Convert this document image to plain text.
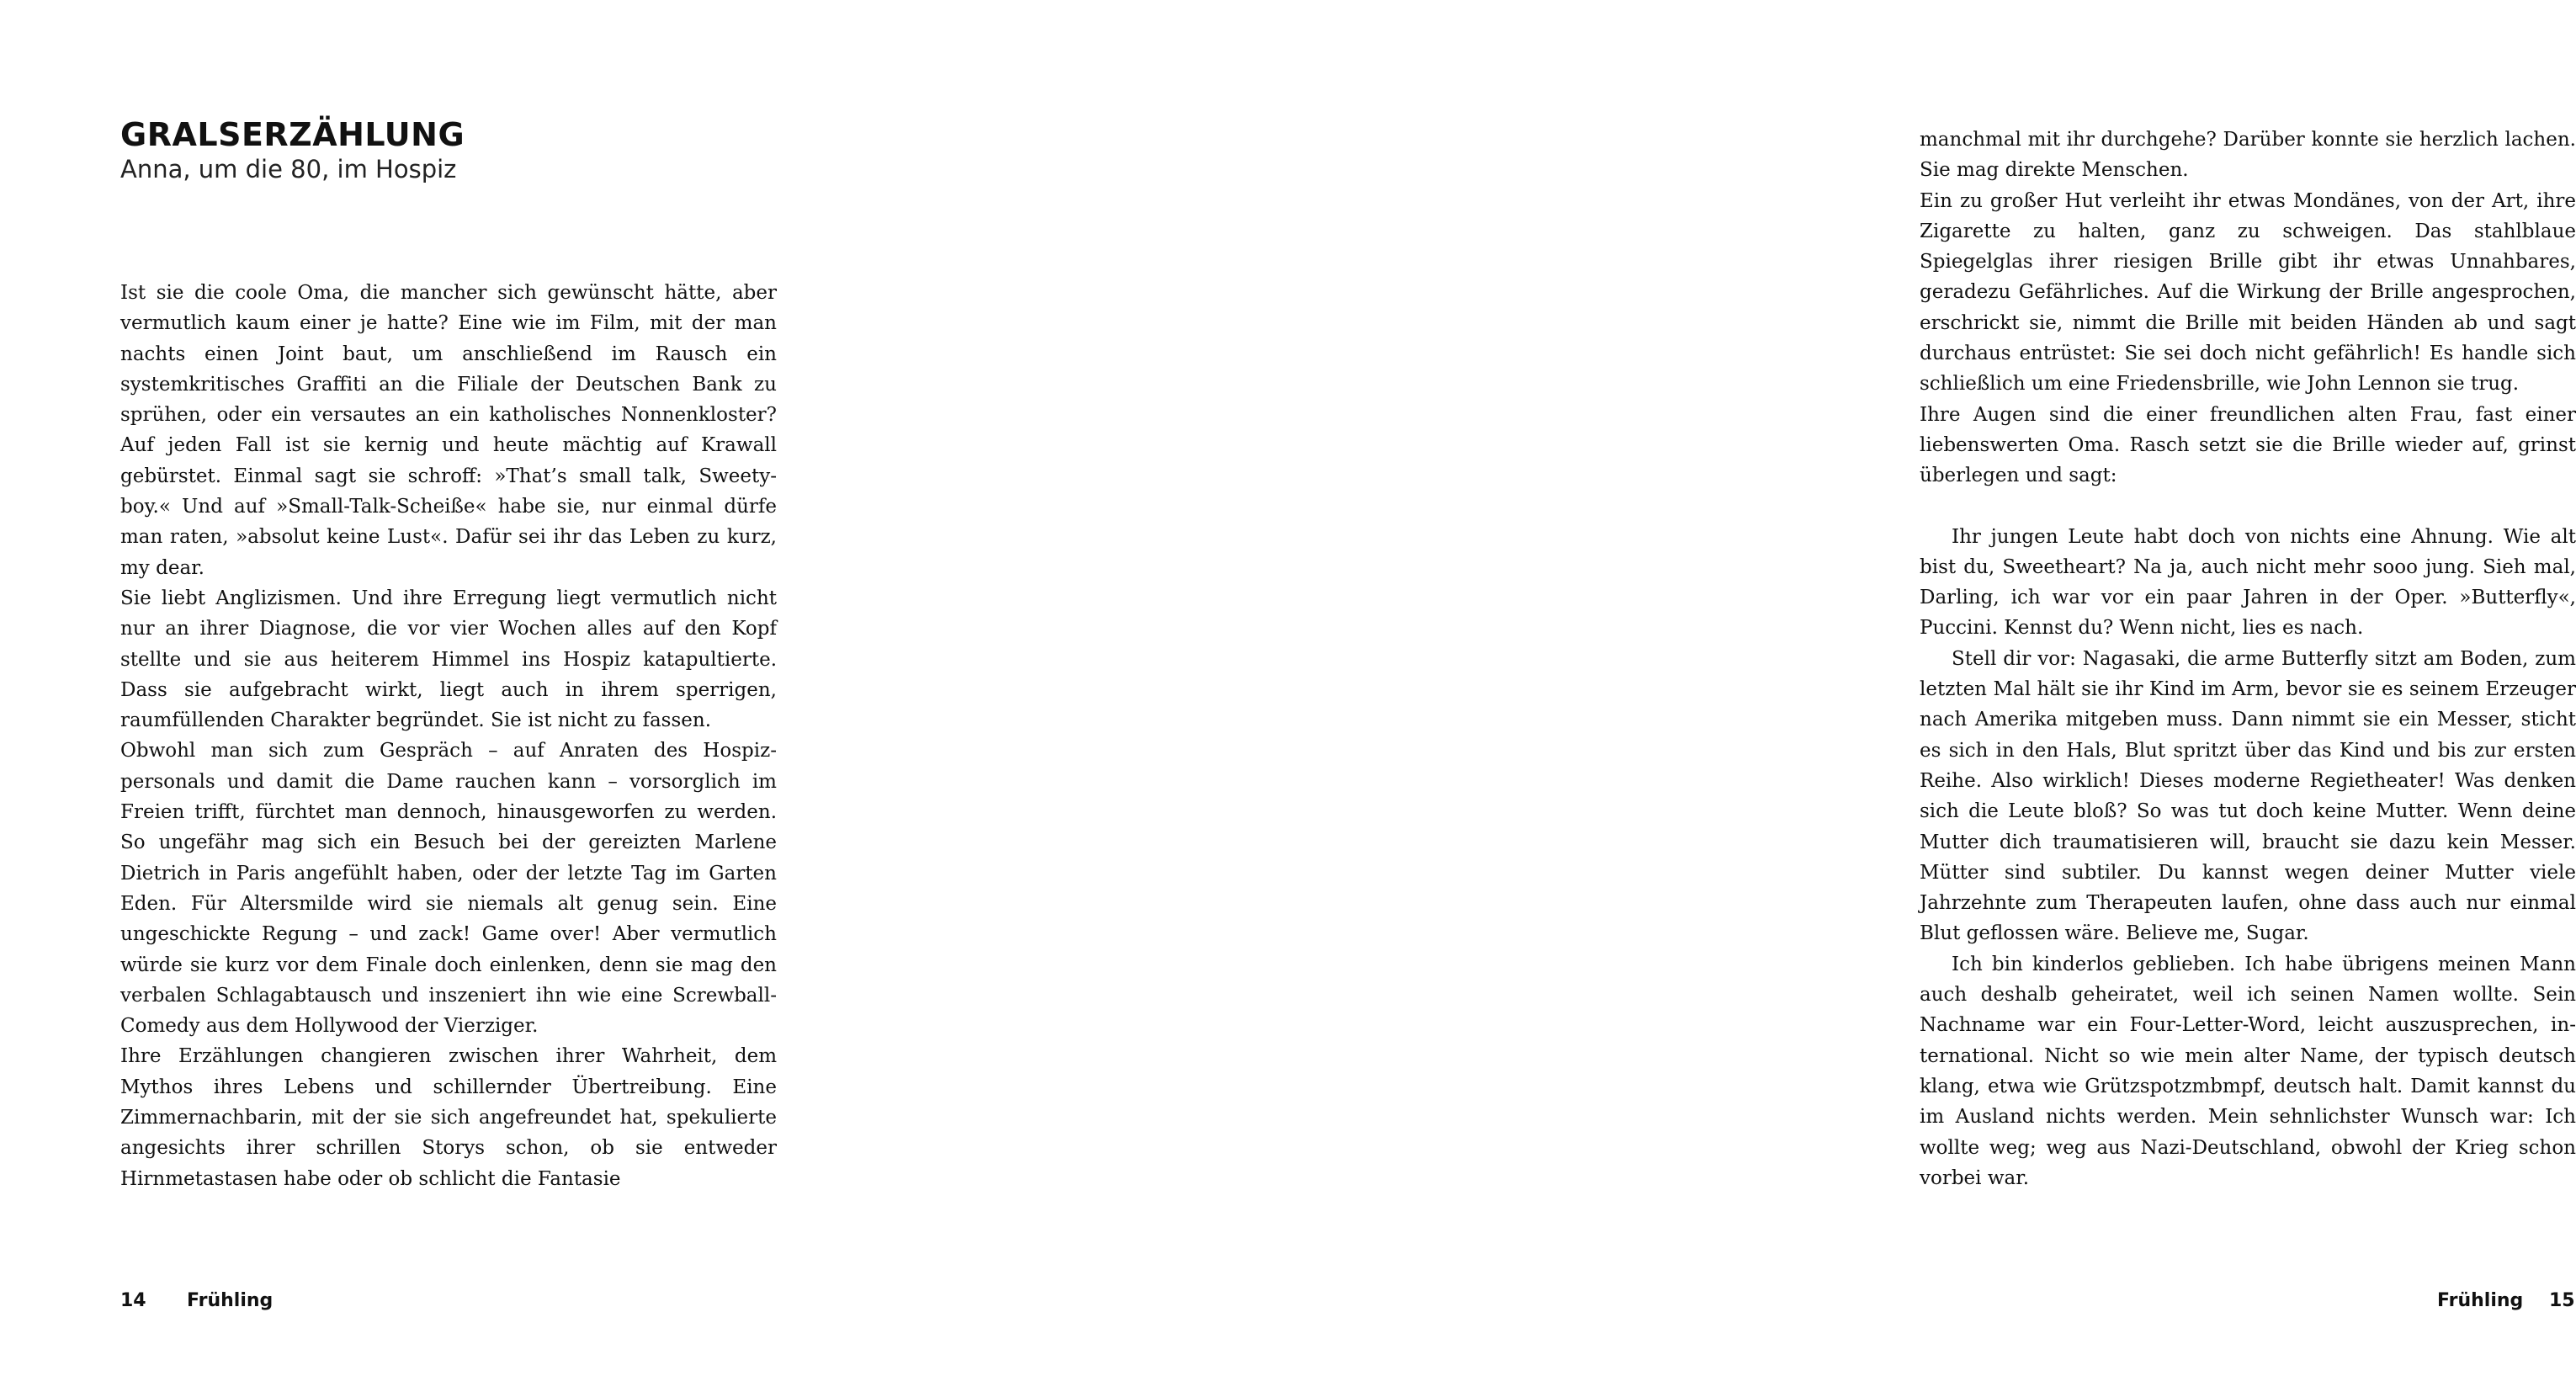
GRALSERZÄHLUNG
Anna, um die 80, im Hospiz

Ist sie die coole Oma, die mancher sich gewünscht hätte, aber vermutlich kaum einer je hatte? Eine wie im Film, mit der man nachts einen Joint baut, um anschließend im Rausch ein systemkritisches Graffiti an die Filiale der Deutschen Bank zu sprühen, oder ein versautes an ein katholisches Nonnenkloster? Auf jeden Fall ist sie kernig und heute mächtig auf Krawall gebürstet. Einmal sagt sie schroff: »That’s small talk, Sweety-boy.« Und auf »Small-Talk-Scheiße« habe sie, nur einmal dürfe man raten, »absolut keine Lust«. Dafür sei ihr das Leben zu kurz, my dear.

Sie liebt Anglizismen. Und ihre Erregung liegt vermutlich nicht nur an ihrer Diagnose, die vor vier Wochen alles auf den Kopf stellte und sie aus heiterem Himmel ins Hospiz katapultierte. Dass sie aufgebracht wirkt, liegt auch in ihrem sperrigen, raumfüllenden Charakter begründet. Sie ist nicht zu fassen.

Obwohl man sich zum Gespräch – auf Anraten des Hospizpersonals und damit die Dame rauchen kann – vorsorglich im Freien trifft, fürchtet man dennoch, hinausgeworfen zu werden. So ungefähr mag sich ein Besuch bei der gereizten Marlene Dietrich in Paris angefühlt haben, oder der letzte Tag im Garten Eden. Für Altersmilde wird sie niemals alt genug sein. Eine ungeschickte Regung – und zack! Game over! Aber vermutlich würde sie kurz vor dem Finale doch einlenken, denn sie mag den verbalen Schlagabtausch und inszeniert ihn wie eine Screwball-Comedy aus dem Hollywood der Vierziger.

Ihre Erzählungen changieren zwischen ihrer Wahrheit, dem Mythos ihres Lebens und schillernder Übertreibung. Eine Zimmernachbarin, mit der sie sich angefreundet hat, spekulierte angesichts ihrer schrillen Storys schon, ob sie entweder Hirnmetastasen habe oder ob schlicht die Fantasie

14 Frühling

manchmal mit ihr durchgehe? Darüber konnte sie herzlich lachen. Sie mag direkte Menschen.

Ein zu großer Hut verleiht ihr etwas Mondänes, von der Art, ihre Zigarette zu halten, ganz zu schweigen. Das stahlblaue Spiegelglas ihrer riesigen Brille gibt ihr etwas Unnahbares, geradezu Gefährliches. Auf die Wirkung der Brille angesprochen, erschrickt sie, nimmt die Brille mit beiden Händen ab und sagt durchaus entrüstet: Sie sei doch nicht gefährlich! Es handle sich schließlich um eine Friedensbrille, wie John Lennon sie trug.

Ihre Augen sind die einer freundlichen alten Frau, fast einer liebenswerten Oma. Rasch setzt sie die Brille wieder auf, grinst überlegen und sagt:

Ihr jungen Leute habt doch von nichts eine Ahnung. Wie alt bist du, Sweetheart? Na ja, auch nicht mehr sooo jung. Sieh mal, Darling, ich war vor ein paar Jahren in der Oper. »Butterfly«, Puccini. Kennst du? Wenn nicht, lies es nach.

Stell dir vor: Nagasaki, die arme Butterfly sitzt am Boden, zum letzten Mal hält sie ihr Kind im Arm, bevor sie es seinem Erzeuger nach Amerika mitgeben muss. Dann nimmt sie ein Messer, sticht es sich in den Hals, Blut spritzt über das Kind und bis zur ersten Reihe. Also wirklich! Dieses moderne Regietheater! Was denken sich die Leute bloß? So was tut doch keine Mutter. Wenn deine Mutter dich traumatisieren will, braucht sie dazu kein Messer. Mütter sind subtiler. Du kannst wegen deiner Mutter viele Jahrzehnte zum Therapeuten laufen, ohne dass auch nur einmal Blut geflossen wäre. Believe me, Sugar.

Ich bin kinderlos geblieben. Ich habe übrigens meinen Mann auch deshalb geheiratet, weil ich seinen Namen wollte. Sein Nachname war ein Four-Letter-Word, leicht auszusprechen, international. Nicht so wie mein alter Name, der typisch deutsch klang, etwa wie Grützspotzmbmpf, deutsch halt. Damit kannst du im Ausland nichts werden. Mein sehnlichster Wunsch war: Ich wollte weg; weg aus Nazi-Deutschland, obwohl der Krieg schon vorbei war.

Frühling 15
